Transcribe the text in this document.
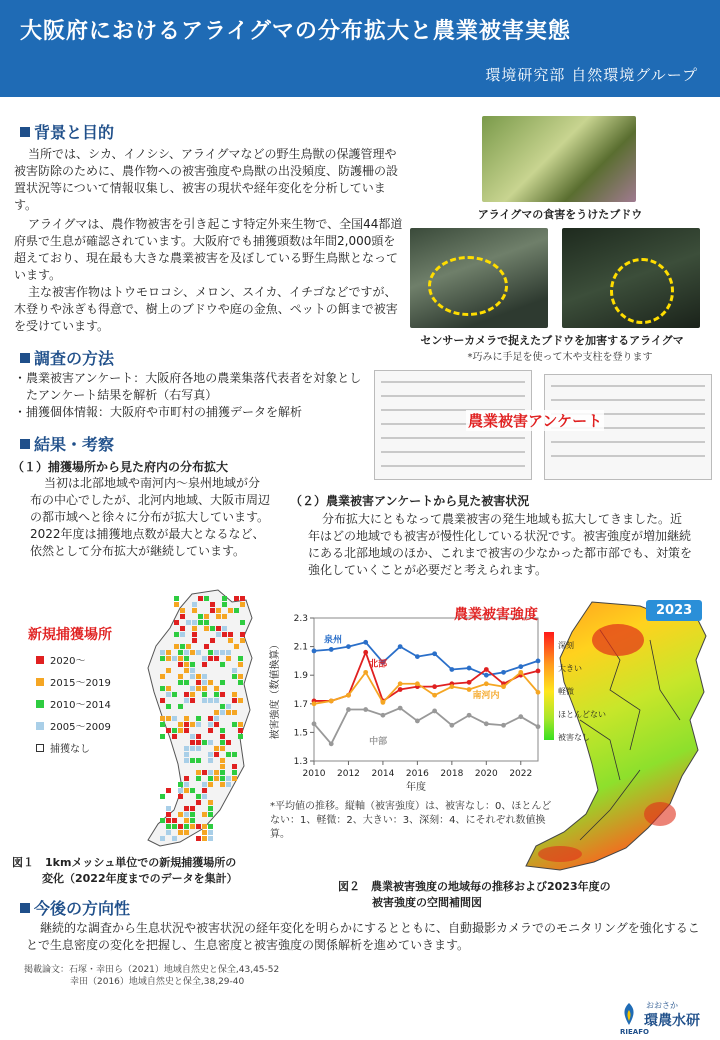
大阪府におけるアライグマの分布拡大と農業被害実態
環境研究部 自然環境グループ
背景と目的
当所では、シカ、イノシシ、アライグマなどの野生鳥獣の保護管理や被害防除のために、農作物への被害強度や鳥獣の出没頻度、防護柵の設置状況等について情報収集し、被害の現状や経年変化を分析しています。
アライグマは、農作物被害を引き起こす特定外来生物で、全国44都道府県で生息が確認されています。大阪府でも捕獲頭数は年間2,000頭を超えており、現在最も大きな農業被害を及ぼしている野生鳥獣となっています。
主な被害作物はトウモロコシ、メロン、スイカ、イチゴなどですが、木登りや泳ぎも得意で、樹上のブドウや庭の金魚、ペットの餌まで被害を受けています。
アライグマの食害をうけたブドウ
センサーカメラで捉えたブドウを加害するアライグマ
*巧みに手足を使って木や支柱を登ります
調査の方法
・農業被害アンケート：大阪府各地の農業集落代表者を対象としたアンケート結果を解析（右写真）
・捕獲個体情報：大阪府や市町村の捕獲データを解析	農業被害アンケート
結果・考察
（１）捕獲場所から見た府内の分布拡大
当初は北部地域や南河内〜泉州地域が分布の中心でしたが、北河内地域、大阪市周辺の都市域へと徐々に分布が拡大しています。2022年度は捕獲地点数が最大となるなど、依然として分布拡大が継続しています。
（２）農業被害アンケートから見た被害状況
分布拡大にともなって農業被害の発生地域も拡大してきました。近年はどの地域でも被害が慢性化している状況です。被害強度が増加継続にある北部地域のほか、これまで被害の少なかった都市部でも、対策を強化していくことが必要だと考えられます。
新規捕獲場所
2020〜
2015〜2019
2010〜2014
2005〜2009
捕獲なし
図１　1kmメッシュ単位での新規捕獲場所の
変化（2022年度までのデータを集計）
1.3
1.5
1.7
1.9
2.1
2.3
2010 2012 2014 2016 2018 2020 2022
年度
被害強度（数値換算）	泉州
北部
南河内
中部
農業被害強度
*平均値の推移。縦軸（被害強度）は、被害なし：0、ほとんどない：1、軽微：2、大きい：3、深刻：4、にそれぞれ数値換算。
2023
深刻
大きい
軽微
ほとんどない
被害なし
図２　農業被害強度の地域毎の推移および2023年度の
被害強度の空間補間図
今後の方向性
継続的な調査から生息状況や被害状況の経年変化を明らかにするとともに、自動撮影カメラでのモニタリングを強化することで生息密度の変化を把握し、生息密度と被害強度の関係解析を進めていきます。
掲載論文：石塚・幸田ら（2021）地域自然史と保全,43,45-52
幸田（2016）地域自然史と保全,38,29-40
おおさか
環農水研
RIEAFO
